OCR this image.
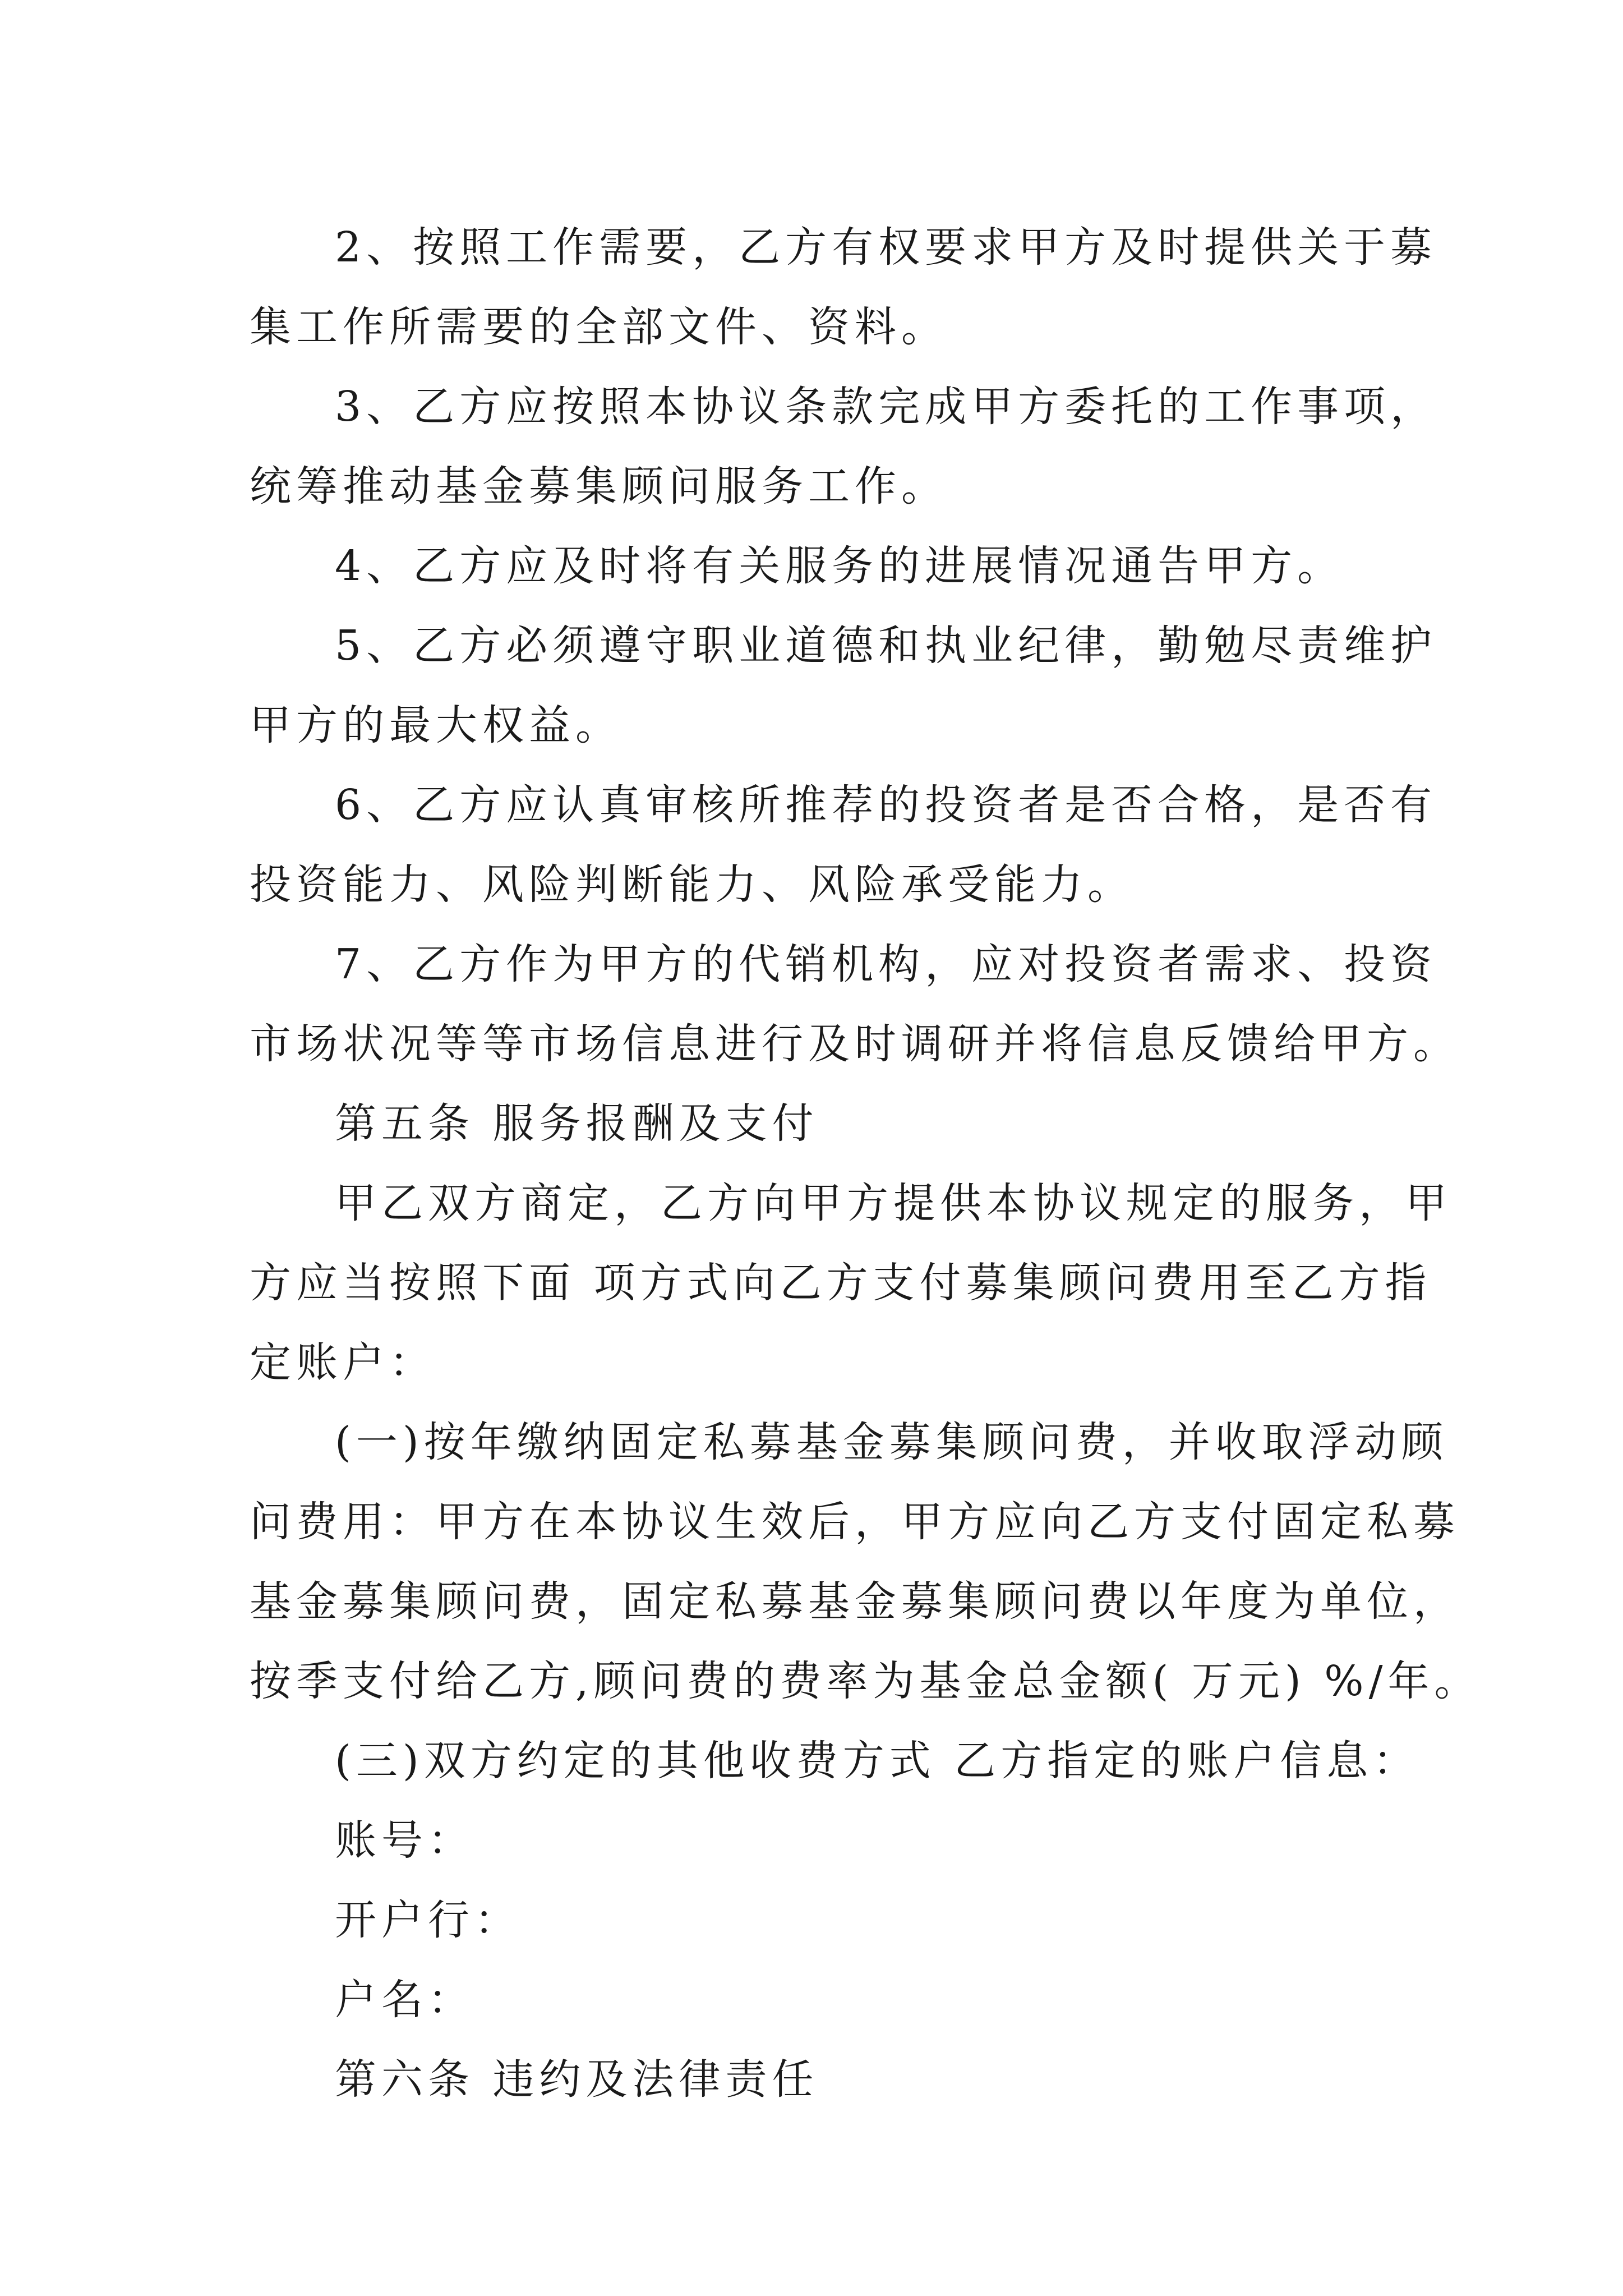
2、按照工作需要，乙方有权要求甲方及时提供关于募
集工作所需要的全部文件、资料。
3、乙方应按照本协议条款完成甲方委托的工作事项，
统筹推动基金募集顾问服务工作。
4、乙方应及时将有关服务的进展情况通告甲方。
5、乙方必须遵守职业道德和执业纪律，勤勉尽责维护
甲方的最大权益。
6、乙方应认真审核所推荐的投资者是否合格，是否有
投资能力、风险判断能力、风险承受能力。
7、乙方作为甲方的代销机构，应对投资者需求、投资
市场状况等等市场信息进行及时调研并将信息反馈给甲方。
第五条 服务报酬及支付
甲乙双方商定，乙方向甲方提供本协议规定的服务，甲
方应当按照下面 项方式向乙方支付募集顾问费用至乙方指
定账户：
(一)按年缴纳固定私募基金募集顾问费，并收取浮动顾
问费用：甲方在本协议生效后，甲方应向乙方支付固定私募
基金募集顾问费，固定私募基金募集顾问费以年度为单位，
按季支付给乙方,顾问费的费率为基金总金额( 万元) %/年。
(三)双方约定的其他收费方式 乙方指定的账户信息：
账号：
开户行：
户名：
第六条 违约及法律责任
